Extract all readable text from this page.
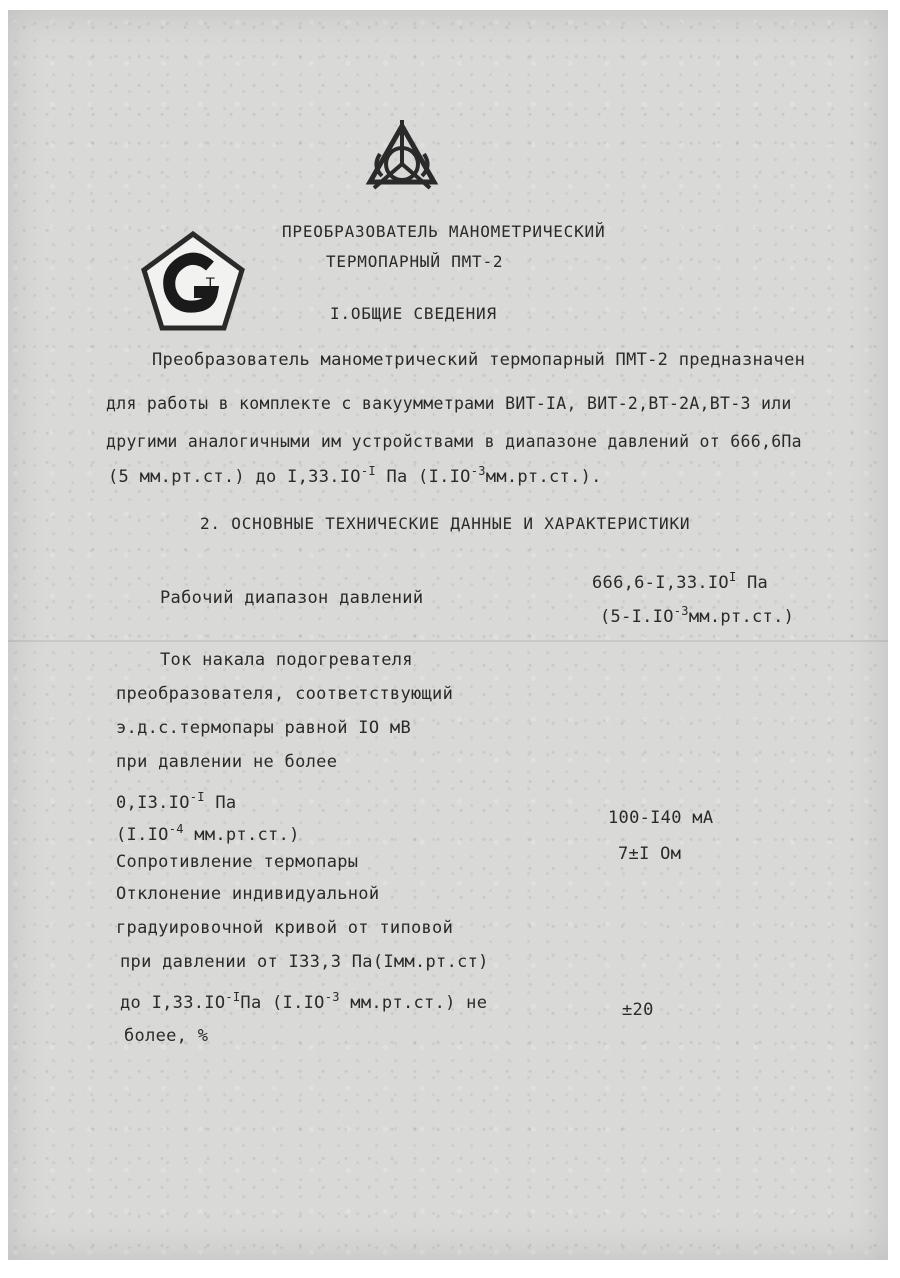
T
ПРЕОБРАЗОВАТЕЛЬ МАНОМЕТРИЧЕСКИЙ
ТЕРМОПАРНЫЙ ПМТ-2
I.ОБЩИЕ СВЕДЕНИЯ
Преобразователь манометрический термопарный ПМТ-2 предназначен
для работы в комплекте с вакуумметрами ВИТ-IA, ВИТ-2,ВТ-2А,ВТ-3 или
другими аналогичными им устройствами в диапазоне давлений от 666,6Па
(5 мм.рт.ст.) до $I,33.IO^{-I}$ Па $(I.IO^{-3}мм.рт.ст.)$.
2. ОСНОВНЫЕ ТЕХНИЧЕСКИЕ ДАННЫЕ И ХАРАКТЕРИСТИКИ
Рабочий диапазон давлений
$666,6-I,33.IO^I$ Па
$(5-I.IO^{-3}мм.рт.ст.)$
Ток накала подогревателя
преобразователя, соответствующий
э.д.с.термопары равной IO мВ
при давлении не более
$0,I3.IO^{-I}$ Па
($I.IO^{-4}$ мм.рт.ст.)
100-I40 мА
Сопротивление термопары	7±I Ом
Отклонение индивидуальной
градуировочной кривой от типовой
при давлении от I33,3 Па(Iмм.рт.ст)
до $I,33.IO^{-I}Па$ ($I.IO^{-3}$ мм.рт.ст.) не
более, %
±20
